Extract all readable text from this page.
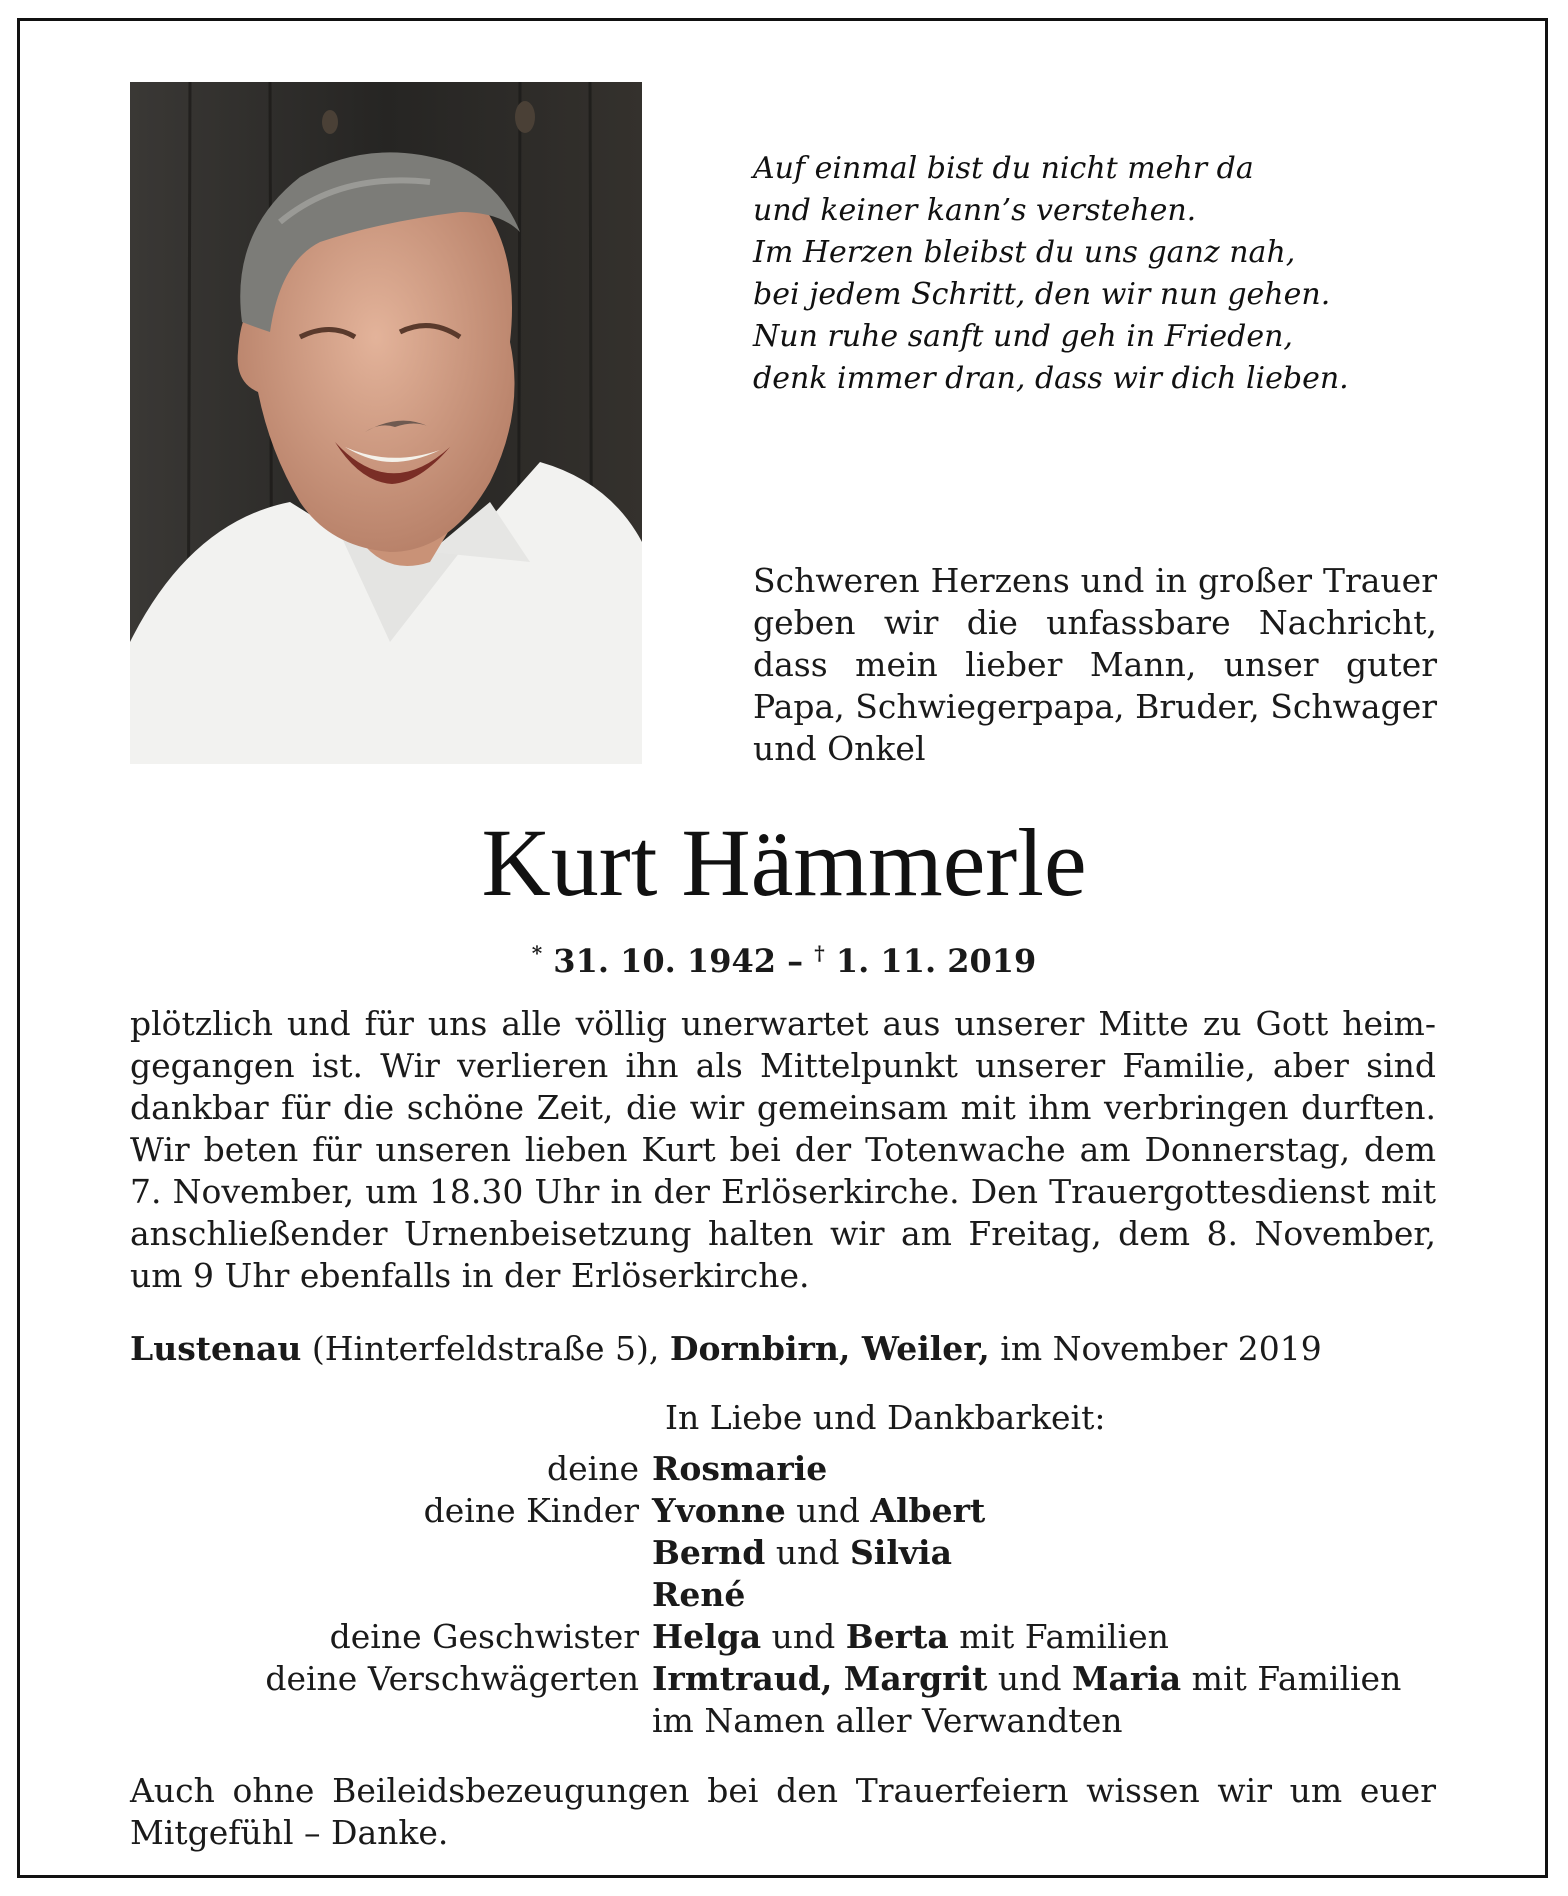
Auf einmal bist du nicht mehr da
und keiner kann’s verstehen.
Im Herzen bleibst du uns ganz nah,
bei jedem Schritt, den wir nun gehen.
Nun ruhe sanft und geh in Frieden,
denk immer dran, dass wir dich lieben.
Schweren Herzens und in großer Trauer
geben wir die unfassbare Nachricht,
dass mein lieber Mann, unser guter
Papa, Schwiegerpapa, Bruder, Schwager
und Onkel
Kurt Hämmerle
* 31. 10. 1942 – † 1. 11. 2019
plötzlich und für uns alle völlig unerwartet aus unserer Mitte zu Gott heim-
gegangen ist. Wir verlieren ihn als Mittelpunkt unserer Familie, aber sind
dankbar für die schöne Zeit, die wir gemeinsam mit ihm verbringen durften.
Wir beten für unseren lieben Kurt bei der Totenwache am Donnerstag, dem
7. November, um 18.30 Uhr in der Erlöserkirche. Den Trauergottesdienst mit
anschließender Urnenbeisetzung halten wir am Freitag, dem 8. November,
um 9 Uhr ebenfalls in der Erlöserkirche.
Lustenau (Hinterfeldstraße 5), Dornbirn, Weiler, im November 2019
In Liebe und Dankbarkeit:
deine Rosmarie
deine Kinder Yvonne und Albert
Bernd und Silvia
René
deine Geschwister Helga und Berta mit Familien
deine Verschwägerten Irmtraud, Margrit und Maria mit Familien
im Namen aller Verwandten
Auch ohne Beileidsbezeugungen bei den Trauerfeiern wissen wir um euer
Mitgefühl – Danke.
